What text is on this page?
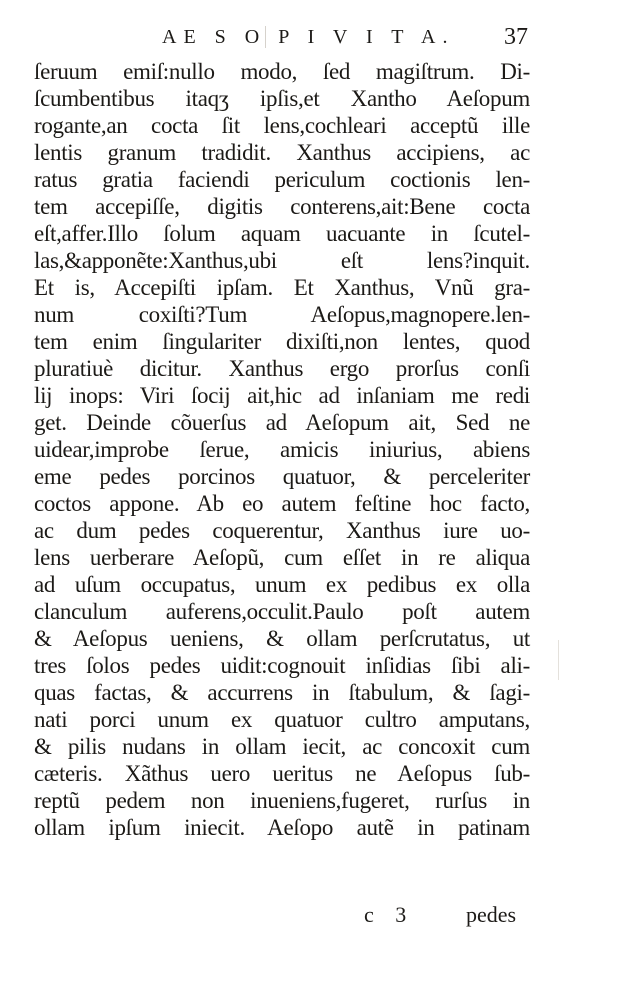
AE S O P I V I T A. 37
ſeruum emiſ:nullo modo, ſed magiſtrum. Di-
ſcumbentibus itaqʒ ipſis,et Xantho Aeſopum
rogante,an cocta ſit lens,cochleari acceptũ ille
lentis granum tradidit. Xanthus accipiens, ac
ratus gratia faciendi periculum coctionis len-
tem accepiſſe, digitis conterens,ait:Bene cocta
eſt,affer.Illo ſolum aquam uacuante in ſcutel-
las,&apponẽte:Xanthus,ubi eſt lens?inquit.
Et is, Accepiſti ipſam. Et Xanthus, Vnũ gra-
num coxiſti?Tum Aeſopus,magnopere.len-
tem enim ſingulariter dixiſti,non lentes, quod
pluratiuè dicitur. Xanthus ergo prorſus conſi
lij inops: Viri ſocij ait,hic ad inſaniam me redi
get. Deinde cõuerſus ad Aeſopum ait, Sed ne
uidear,improbe ſerue, amicis iniurius, abiens
eme pedes porcinos quatuor, & perceleriter
coctos appone. Ab eo autem feſtine hoc facto,
ac dum pedes coquerentur, Xanthus iure uo-
lens uerberare Aeſopũ, cum eſſet in re aliqua
ad uſum occupatus, unum ex pedibus ex olla
clanculum auferens,occulit.Paulo poſt autem
& Aeſopus ueniens, & ollam perſcrutatus, ut
tres ſolos pedes uidit:cognouit inſidias ſibi ali-
quas factas, & accurrens in ſtabulum, & ſagi-
nati porci unum ex quatuor cultro amputans,
& pilis nudans in ollam iecit, ac concoxit cum
cæteris. Xãthus uero ueritus ne Aeſopus ſub-
reptũ pedem non inueniens,fugeret, rurſus in
ollam ipſum iniecit. Aeſopo autẽ in patinam
c 3 pedes
